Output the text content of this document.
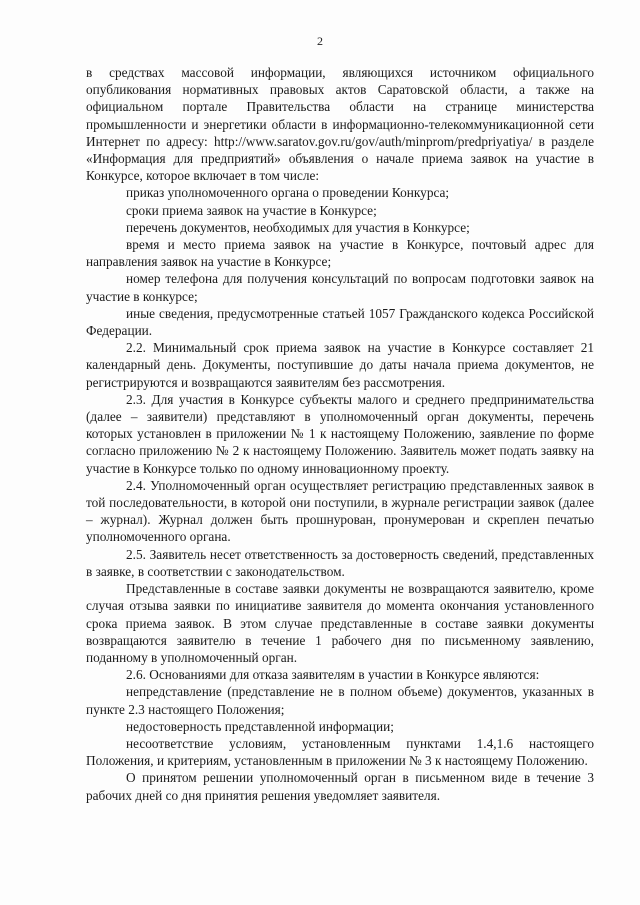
2

в средствах массовой информации, являющихся источником официального опубликования нормативных правовых актов Саратовской области, а также на официальном портале Правительства области на странице министерства промышленности и энергетики области в информационно-телекоммуникационной сети Интернет по адресу: http://www.saratov.gov.ru/gov/auth/minprom/predpriyatiya/ в разделе «Информация для предприятий» объявления о начале приема заявок на участие в Конкурсе, которое включает в том числе:

приказ уполномоченного органа о проведении Конкурса;

сроки приема заявок на участие в Конкурсе;

перечень документов, необходимых для участия в Конкурсе;

время и место приема заявок на участие в Конкурсе, почтовый адрес для направления заявок на участие в Конкурсе;

номер телефона для получения консультаций по вопросам подготовки заявок на участие в конкурсе;

иные сведения, предусмотренные статьей 1057 Гражданского кодекса Российской Федерации.

2.2. Минимальный срок приема заявок на участие в Конкурсе составляет 21 календарный день. Документы, поступившие до даты начала приема документов, не регистрируются и возвращаются заявителям без рассмотрения.

2.3. Для участия в Конкурсе субъекты малого и среднего предпринимательства (далее – заявители) представляют в уполномоченный орган документы, перечень которых установлен в приложении № 1 к настоящему Положению, заявление по форме согласно приложению № 2 к настоящему Положению. Заявитель может подать заявку на участие в Конкурсе только по одному инновационному проекту.

2.4. Уполномоченный орган осуществляет регистрацию представленных заявок в той последовательности, в которой они поступили, в журнале регистрации заявок (далее – журнал). Журнал должен быть прошнурован, пронумерован и скреплен печатью уполномоченного органа.

2.5. Заявитель несет ответственность за достоверность сведений, представленных в заявке, в соответствии с законодательством.

Представленные в составе заявки документы не возвращаются заявителю, кроме случая отзыва заявки по инициативе заявителя до момента окончания установленного срока приема заявок. В этом случае представленные в составе заявки документы возвращаются заявителю в течение 1 рабочего дня по письменному заявлению, поданному в уполномоченный орган.

2.6. Основаниями для отказа заявителям в участии в Конкурсе являются:

непредставление (представление не в полном объеме) документов, указанных в пункте 2.3 настоящего Положения;

недостоверность представленной информации;

несоответствие условиям, установленным пунктами 1.4,1.6 настоящего Положения, и критериям, установленным в приложении № 3 к настоящему Положению.

О принятом решении уполномоченный орган в письменном виде в течение 3 рабочих дней со дня принятия решения уведомляет заявителя.
